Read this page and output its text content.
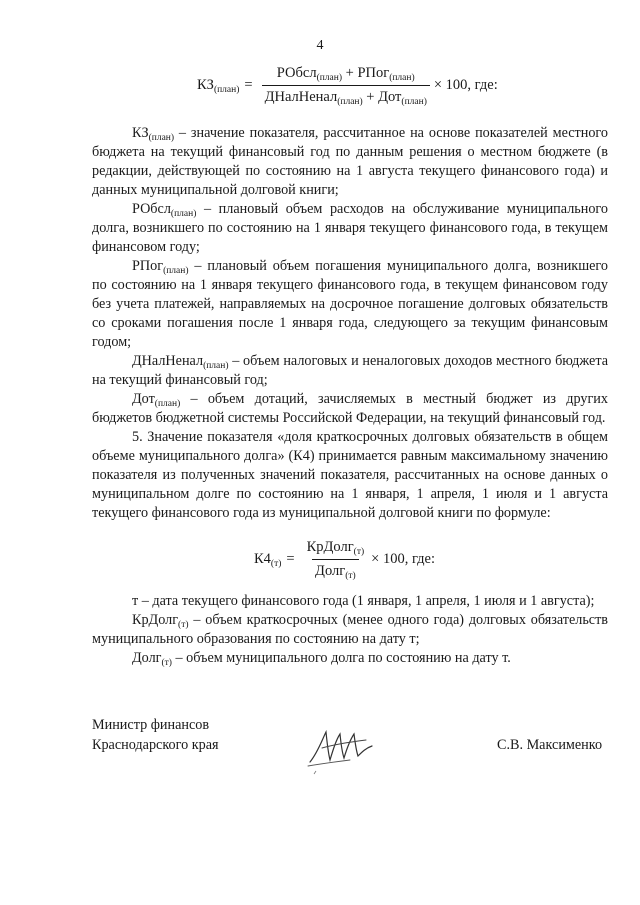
4
$КЗ_{(план)} = \frac{РОбсл_{(план)} + РПог_{(план)}}{ДНалНенал_{(план)} + Дот_{(план)}} \times 100$, где:

$КЗ_{(план)}$ – значение показателя, рассчитанное на основе показателей местного бюджета на текущий финансовый год по данным решения о местном бюджете (в редакции, действующей по состоянию на 1 августа текущего финансового года) и данных муниципальной долговой книги;

РОбсл$_{(план)}$ – плановый объем расходов на обслуживание муниципального долга, возникшего по состоянию на 1 января текущего финансового года, в текущем финансовом году;

РПог$_{(план)}$ – плановый объем погашения муниципального долга, возникшего по состоянию на 1 января текущего финансового года, в текущем финансовом году без учета платежей, направляемых на досрочное погашение долговых обязательств со сроками погашения после 1 января года, следующего за текущим финансовым годом;

ДНалНенал$_{(план)}$ – объем налоговых и неналоговых доходов местного бюджета на текущий финансовый год;

Дот$_{(план)}$ – объем дотаций, зачисляемых в местный бюджет из других бюджетов бюджетной системы Российской Федерации, на текущий финансовый год.

5. Значение показателя «доля краткосрочных долговых обязательств в общем объеме муниципального долга» (К4) принимается равным максимальному значению показателя из полученных значений показателя, рассчитанных на основе данных о муниципальном долге по состоянию на 1 января, 1 апреля, 1 июля и 1 августа текущего финансового года из муниципальной долговой книги по формуле:

$К4_{(т)} = \frac{КрДолг_{(т)}}{Долг_{(т)}} \times 100$, где:

т – дата текущего финансового года (1 января, 1 апреля, 1 июля и 1 августа);

КрДолг$_{(т)}$ – объем краткосрочных (менее одного года) долговых обязательств муниципального образования по состоянию на дату т;

Долг$_{(т)}$ – объем муниципального долга по состоянию на дату т.

Министр финансов
Краснодарского края	С.В. Максименко
